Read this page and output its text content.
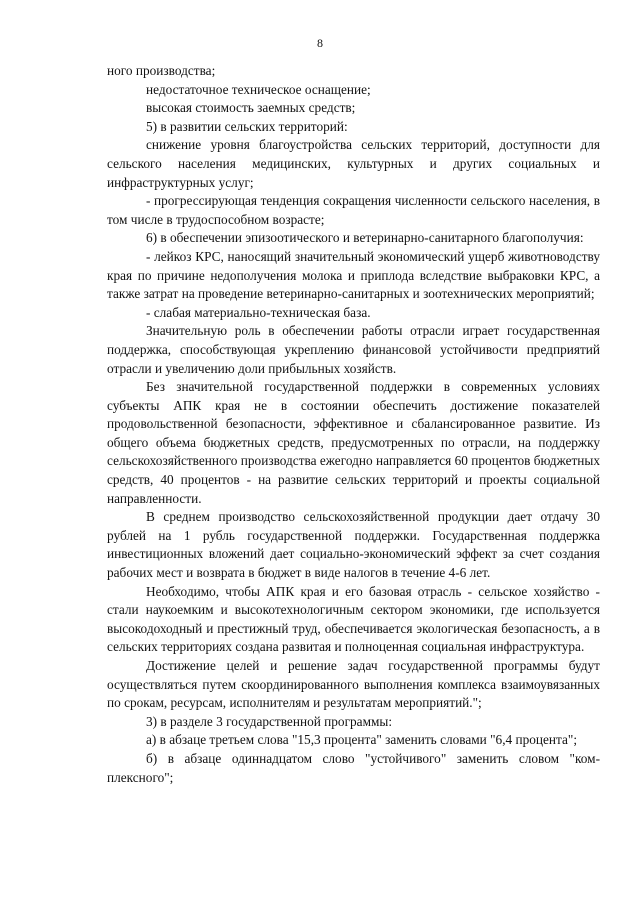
8

ного производства;

недостаточное техническое оснащение;

высокая стоимость заемных средств;

5) в развитии сельских территорий:

снижение уровня благоустройства сельских территорий, доступности для сельского населения медицинских, культурных и других социальных и инфраструктурных услуг;

- прогрессирующая тенденция сокращения численности сельского населения, в том числе в трудоспособном возрасте;

6) в обеспечении эпизоотического и ветеринарно-санитарного благополучия:

- лейкоз КРС, наносящий значительный экономический ущерб животноводству края по причине недополучения молока и приплода вследствие выбраковки КРС, а также затрат на проведение ветеринарно-санитарных и зоотехнических мероприятий;

- слабая материально-техническая база.

Значительную роль в обеспечении работы отрасли играет государственная поддержка, способствующая укреплению финансовой устойчивости предприятий отрасли и увеличению доли прибыльных хозяйств.

Без значительной государственной поддержки в современных условиях субъекты АПК края не в состоянии обеспечить достижение показателей продовольственной безопасности, эффективное и сбалансированное развитие. Из общего объема бюджетных средств, предусмотренных по отрасли, на поддержку сельскохозяйственного производства ежегодно направляется 60 процентов бюджетных средств, 40 процентов - на развитие сельских территорий и проекты социальной направленности.

В среднем производство сельскохозяйственной продукции дает отдачу 30 рублей на 1 рубль государственной поддержки. Государственная поддержка инвестиционных вложений дает социально-экономический эффект за счет создания рабочих мест и возврата в бюджет в виде налогов в течение 4-6 лет.

Необходимо, чтобы АПК края и его базовая отрасль - сельское хозяйство - стали наукоемким и высокотехнологичным сектором экономики, где используется высокодоходный и престижный труд, обеспечивается экологическая безопасность, а в сельских территориях создана развитая и полноценная социальная инфраструктура.

Достижение целей и решение задач государственной программы будут осуществляться путем скоординированного выполнения комплекса взаимоувязанных по срокам, ресурсам, исполнителям и результатам мероприятий.";

3) в разделе 3 государственной программы:

а) в абзаце третьем слова "15,3 процента" заменить словами "6,4 процента";

б) в абзаце одиннадцатом слово "устойчивого" заменить словом "комплексного";
